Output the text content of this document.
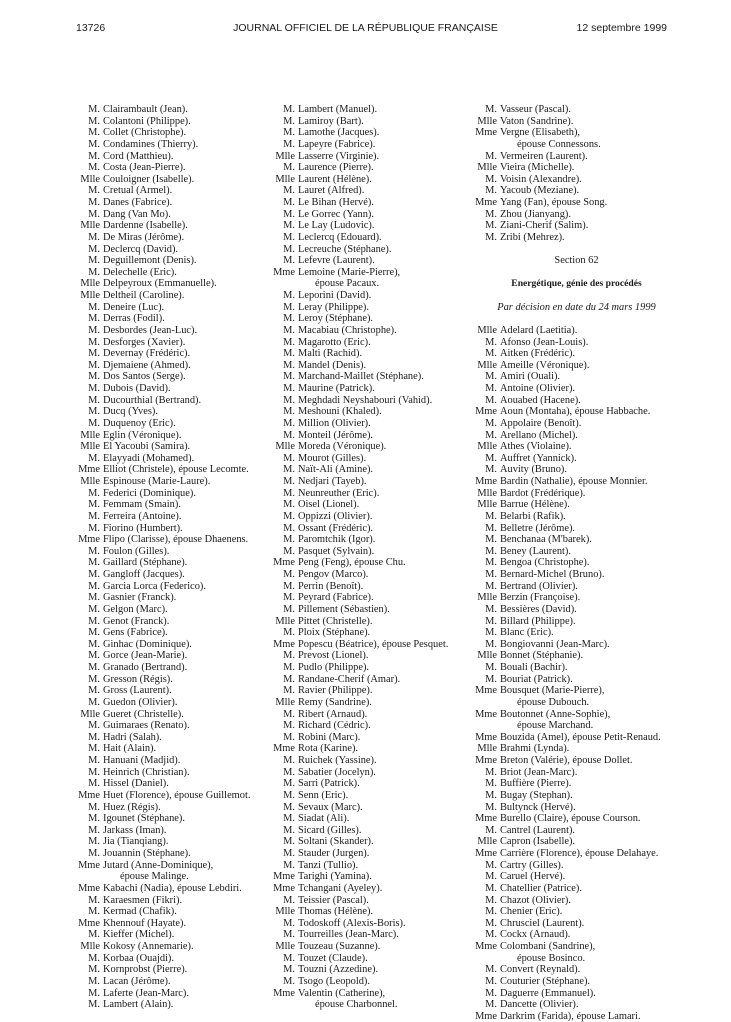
13726	JOURNAL OFFICIEL DE LA RÉPUBLIQUE FRANÇAISE	12 septembre 1999
M. Clairambault (Jean).
M. Colantoni (Philippe).
M. Collet (Christophe).
M. Condamines (Thierry).
M. Cord (Matthieu).
M. Costa (Jean-Pierre).
Mlle Couloigner (Isabelle).
M. Cretual (Armel).
M. Danes (Fabrice).
M. Dang (Van Mo).
Mlle Dardenne (Isabelle).
M. De Miras (Jérôme).
M. Declercq (David).
M. Deguillemont (Denis).
M. Delechelle (Eric).
Mlle Delpeyroux (Emmanuelle).
Mlle Deltheil (Caroline).
M. Deneire (Luc).
M. Derras (Fodil).
M. Desbordes (Jean-Luc).
M. Desforges (Xavier).
M. Devernay (Frédéric).
M. Djemaiene (Ahmed).
M. Dos Santos (Serge).
M. Dubois (David).
M. Ducourthial (Bertrand).
M. Ducq (Yves).
M. Duquenoy (Eric).
Mlle Eglin (Véronique).
Mlle El Yacoubi (Samira).
M. Elayyadi (Mohamed).
Mme Elliot (Christele), épouse Lecomte.
Mlle Espinouse (Marie-Laure).
M. Federici (Dominique).
M. Femmam (Smain).
M. Ferreira (Antoine).
M. Fiorino (Humbert).
Mme Flipo (Clarisse), épouse Dhaenens.
M. Foulon (Gilles).
M. Gaillard (Stéphane).
M. Gangloff (Jacques).
M. Garcia Lorca (Federico).
M. Gasnier (Franck).
M. Gelgon (Marc).
M. Genot (Franck).
M. Gens (Fabrice).
M. Ginhac (Dominique).
M. Gorce (Jean-Marie).
M. Granado (Bertrand).
M. Gresson (Régis).
M. Gross (Laurent).
M. Guedon (Olivier).
Mlle Gueret (Christelle).
M. Guimaraes (Renato).
M. Hadri (Salah).
M. Hait (Alain).
M. Hanuani (Madjid).
M. Heinrich (Christian).
M. Hissel (Daniel).
Mme Huet (Florence), épouse Guillemot.
M. Huez (Régis).
M. Igounet (Stéphane).
M. Jarkass (Iman).
M. Jia (Tianqiang).
M. Jouannin (Stéphane).
Mme Jutard (Anne-Dominique),
épouse Malinge.
Mme Kabachi (Nadia), épouse Lebdiri.
M. Karaesmen (Fikri).
M. Kermad (Chafik).
Mme Khennouf (Hayate).
M. Kieffer (Michel).
Mlle Kokosy (Annemarie).
M. Korbaa (Ouajdi).
M. Kornprobst (Pierre).
M. Lacan (Jérôme).
M. Laferte (Jean-Marc).
M. Lambert (Alain).
M. Lambert (Manuel).
M. Lamiroy (Bart).
M. Lamothe (Jacques).
M. Lapeyre (Fabrice).
Mlle Lasserre (Virginie).
M. Laurence (Pierre).
Mlle Laurent (Hélène).
M. Lauret (Alfred).
M. Le Bihan (Hervé).
M. Le Gorrec (Yann).
M. Le Lay (Ludovic).
M. Leclercq (Edouard).
M. Lecreuche (Stéphane).
M. Lefevre (Laurent).
Mme Lemoine (Marie-Pierre),
épouse Pacaux.
M. Leporini (David).
M. Leray (Philippe).
M. Leroy (Stéphane).
M. Macabiau (Christophe).
M. Magarotto (Eric).
M. Malti (Rachid).
M. Mandel (Denis).
M. Marchand-Maillet (Stéphane).
M. Maurine (Patrick).
M. Meghdadi Neyshabouri (Vahid).
M. Meshouni (Khaled).
M. Million (Olivier).
M. Monteil (Jérôme).
Mlle Moreda (Véronique).
M. Mourot (Gilles).
M. Naït-Ali (Amine).
M. Nedjari (Tayeb).
M. Neunreuther (Eric).
M. Oisel (Lionel).
M. Oppizzi (Olivier).
M. Ossant (Frédéric).
M. Paromtchik (Igor).
M. Pasquet (Sylvain).
Mme Peng (Feng), épouse Chu.
M. Pengov (Marco).
M. Perrin (Benoît).
M. Peyrard (Fabrice).
M. Pillement (Sébastien).
Mlle Pittet (Christelle).
M. Ploix (Stéphane).
Mme Popescu (Béatrice), épouse Pesquet.
M. Prevost (Lionel).
M. Pudlo (Philippe).
M. Randane-Cherif (Amar).
M. Ravier (Philippe).
Mlle Remy (Sandrine).
M. Ribert (Arnaud).
M. Richard (Cédric).
M. Robini (Marc).
Mme Rota (Karine).
M. Ruichek (Yassine).
M. Sabatier (Jocelyn).
M. Sarri (Patrick).
M. Senn (Eric).
M. Sevaux (Marc).
M. Siadat (Ali).
M. Sicard (Gilles).
M. Soltani (Skander).
M. Stauder (Jurgen).
M. Tanzi (Tullio).
Mme Tarighi (Yamina).
Mme Tchangani (Ayeley).
M. Teissier (Pascal).
Mlle Thomas (Hélène).
M. Todoskoff (Alexis-Boris).
M. Tourreilles (Jean-Marc).
Mlle Touzeau (Suzanne).
M. Touzet (Claude).
M. Touzni (Azzedine).
M. Tsogo (Leopold).
Mme Valentin (Catherine),
épouse Charbonnel.
M. Vasseur (Pascal).
Mlle Vaton (Sandrine).
Mme Vergne (Elisabeth),
épouse Connessons.
M. Vermeiren (Laurent).
Mlle Vieira (Michelle).
M. Voisin (Alexandre).
M. Yacoub (Meziane).
Mme Yang (Fan), épouse Song.
M. Zhou (Jianyang).
M. Ziani-Cherif (Salim).
M. Zribi (Mehrez).
Section 62
Energétique, génie des procédés
Par décision en date du 24 mars 1999
Mlle Adelard (Laetitia).
M. Afonso (Jean-Louis).
M. Aitken (Frédéric).
Mlle Ameille (Véronique).
M. Amiri (Ouali).
M. Antoine (Olivier).
M. Aouabed (Hacene).
Mme Aoun (Montaha), épouse Habbache.
M. Appolaire (Benoît).
M. Arellano (Michel).
Mlle Athes (Violaine).
M. Auffret (Yannick).
M. Auvity (Bruno).
Mme Bardin (Nathalie), épouse Monnier.
Mlle Bardot (Frédérique).
Mlle Barrue (Hélène).
M. Belarbi (Rafik).
M. Belletre (Jérôme).
M. Benchanaa (M'barek).
M. Beney (Laurent).
M. Bengoa (Christophe).
M. Bernard-Michel (Bruno).
M. Bertrand (Olivier).
Mlle Berzin (Françoise).
M. Bessières (David).
M. Billard (Philippe).
M. Blanc (Eric).
M. Bongiovanni (Jean-Marc).
Mlle Bonnet (Stéphanie).
M. Bouali (Bachir).
M. Bouriat (Patrick).
Mme Bousquet (Marie-Pierre),
épouse Dubouch.
Mme Boutonnet (Anne-Sophie),
épouse Marchand.
Mme Bouzida (Amel), épouse Petit-Renaud.
Mlle Brahmi (Lynda).
Mme Breton (Valérie), épouse Dollet.
M. Briot (Jean-Marc).
M. Buffière (Pierre).
M. Bugay (Stephan).
M. Bultynck (Hervé).
Mme Burello (Claire), épouse Courson.
M. Cantrel (Laurent).
Mlle Capron (Isabelle).
Mme Carrière (Florence), épouse Delahaye.
M. Cartry (Gilles).
M. Caruel (Hervé).
M. Chatellier (Patrice).
M. Chazot (Olivier).
M. Chenier (Eric).
M. Chrusciel (Laurent).
M. Cockx (Arnaud).
Mme Colombani (Sandrine),
épouse Bosinco.
M. Convert (Reynald).
M. Couturier (Stéphane).
M. Daguerre (Emmanuel).
M. Dancette (Olivier).
Mme Darkrim (Farida), épouse Lamari.
